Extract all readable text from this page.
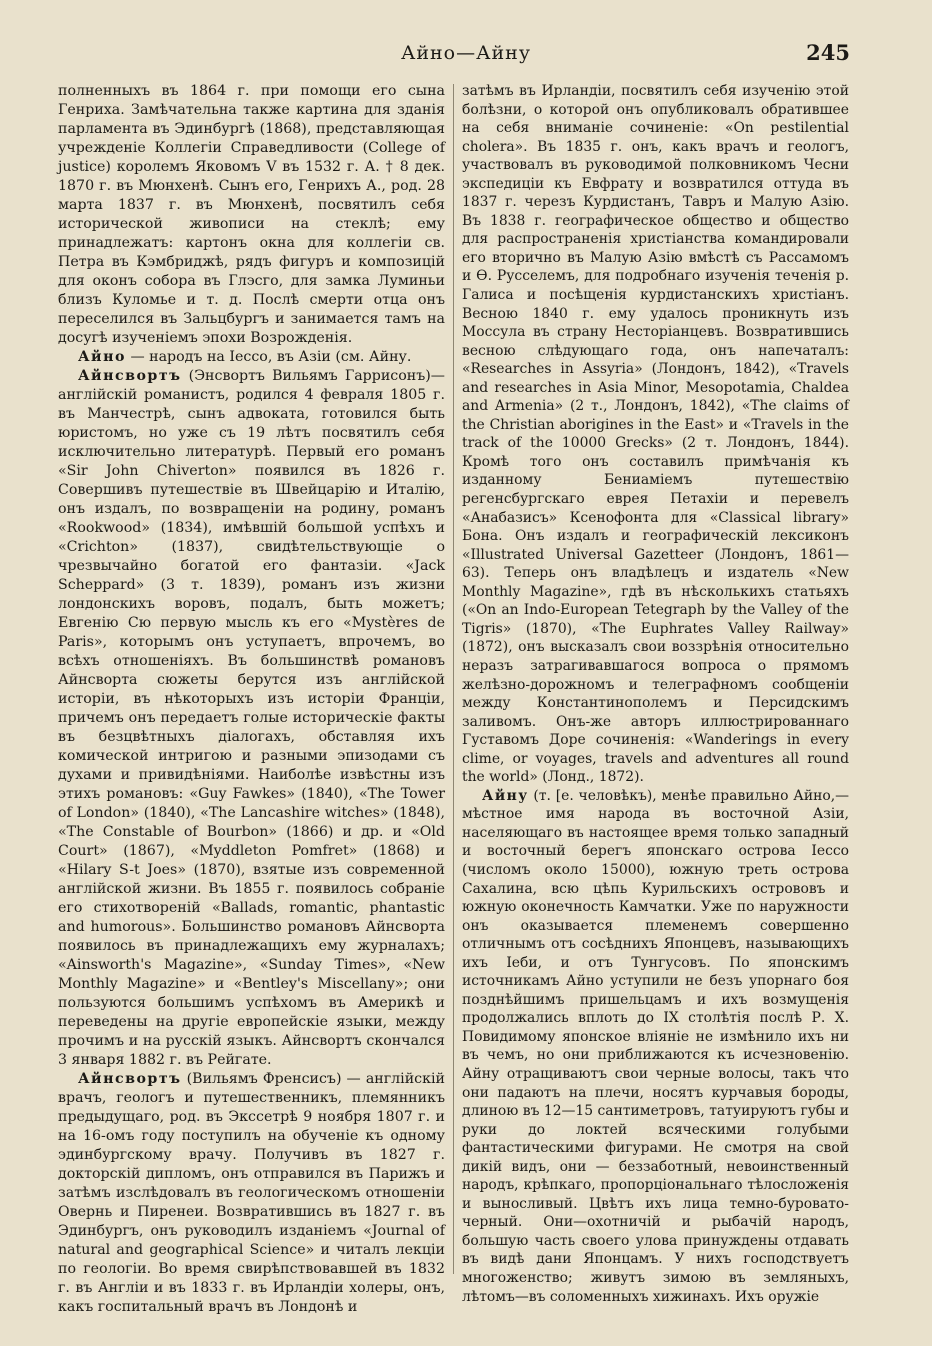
Айно—Айну	245

полненныхъ въ 1864 г. при помощи его сына Генриха. Замѣчательна также картина для зданія парламента въ Эдинбургѣ (1868), представляющая учрежденіе Коллегіи Справедливости (College of justice) королемъ Яковомъ V въ 1532 г. А. † 8 дек. 1870 г. въ Мюнхенѣ. Сынъ его, Генрихъ А., род. 28 марта 1837 г. въ Мюнхенѣ, посвятилъ себя исторической живописи на стеклѣ; ему принадлежатъ: картонъ окна для коллегіи св. Петра въ Кэмбриджѣ, рядъ фигуръ и композицій для оконъ собора въ Глэсго, для замка Луминьи близъ Куломье и т. д. Послѣ смерти отца онъ переселился въ Зальцбургъ и занимается тамъ на досугѣ изученіемъ эпохи Возрожденія.

Айно — народъ на Iессо, въ Азіи (см. Айну.

Айнсвортъ (Энсвортъ Вильямъ Гаррисонъ)—англійскій романистъ, родился 4 февраля 1805 г. въ Манчестрѣ, сынъ адвоката, готовился быть юристомъ, но уже съ 19 лѣтъ посвятилъ себя исключительно литературѣ. Первый его романъ «Sir John Chiverton» появился въ 1826 г. Совершивъ путешествіе въ Швейцарію и Италію, онъ издалъ, по возвращеніи на родину, романъ «Rookwood» (1834), имѣвшій большой успѣхъ и «Crichton» (1837), свидѣтельствующіе о чрезвычайно богатой его фантазіи. «Jack Scheppard» (3 т. 1839), романъ изъ жизни лондонскихъ воровъ, подалъ, быть можетъ; Евгенію Сю первую мысль къ его «Mystères de Paris», которымъ онъ уступаетъ, впрочемъ, во всѣхъ отношеніяхъ. Въ большинствѣ романовъ Айнсворта сюжеты берутся изъ англійской исторіи, въ нѣкоторыхъ изъ исторіи Франціи, причемъ онъ передаетъ голые историческіе факты въ безцвѣтныхъ діалогахъ, обставляя ихъ комической интригою и разными эпизодами съ духами и привидѣніями. Наиболѣе извѣстны изъ этихъ романовъ: «Guy Fawkes» (1840), «The Tower of London» (1840), «The Lancashire witches» (1848), «The Constable of Bourbon» (1866) и др. и «Old Court» (1867), «Myddleton Pomfret» (1868) и «Hilary S-t Joes» (1870), взятые изъ современной англійской жизни. Въ 1855 г. появилось собраніе его стихотвореній «Ballads, romantic, phantastic and humorous». Большинство романовъ Айнсворта появилось въ принадлежащихъ ему журналахъ; «Ainsworth's Magazine», «Sunday Times», «New Monthly Magazine» и «Bentley's Miscellany»; они пользуются большимъ успѣхомъ въ Америкѣ и переведены на другіе европейскіе языки, между прочимъ и на русскій языкъ. Айнсвортъ скончался 3 января 1882 г. въ Рейгате.

Айнсвортъ (Вильямъ Френсисъ) — англійскій врачъ, геологъ и путешественникъ, племянникъ предыдущаго, род. въ Экссетрѣ 9 ноября 1807 г. и на 16-омъ году поступилъ на обученіе къ одному эдинбургскому врачу. Получивъ въ 1827 г. докторскій дипломъ, онъ отправился въ Парижъ и затѣмъ изслѣдовалъ въ геологическомъ отношеніи Овернь и Пиренеи. Возвратившись въ 1827 г. въ Эдинбургъ, онъ руководилъ изданіемъ «Journal of natural and geographical Science» и читалъ лекціи по геологіи. Во время свирѣпствовавшей въ 1832 г. въ Англіи и въ 1833 г. въ Ирландіи холеры, онъ, какъ госпитальный врачъ въ Лондонѣ и

затѣмъ въ Ирландіи, посвятилъ себя изученію этой болѣзни, о которой онъ опубликовалъ обратившее на себя вниманіе сочиненіе: «On pestilential cholera». Въ 1835 г. онъ, какъ врачъ и геологъ, участвовалъ въ руководимой полковникомъ Чесни экспедиціи къ Евфрату и возвратился оттуда въ 1837 г. черезъ Курдистанъ, Тавръ и Малую Азію. Въ 1838 г. географическое общество и общество для распространенія христіанства командировали его вторично въ Малую Азію вмѣстѣ съ Рассамомъ и Ѳ. Русселемъ, для подробнаго изученія теченія р. Галиса и посѣщенія курдистанскихъ христіанъ. Весною 1840 г. ему удалось проникнуть изъ Моссула въ страну Несторіанцевъ. Возвратившись весною слѣдующаго года, онъ напечаталъ: «Researches in Assyria» (Лондонъ, 1842), «Travels and researches in Asia Minor, Mesopotamia, Chaldea and Armenia» (2 т., Лондонъ, 1842), «The claims of the Christian aborigines in the East» и «Travels in the track of the 10000 Grecks» (2 т. Лондонъ, 1844). Кромѣ того онъ составилъ примѣчанія къ изданному Бениаміемъ путешествію регенсбургскаго еврея Петахіи и перевелъ «Анабазисъ» Ксенофонта для «Classical library» Бона. Онъ издалъ и географическій лексиконъ «Illustrated Universal Gazetteer (Лондонъ, 1861—63). Теперь онъ владѣлецъ и издатель «New Monthly Magazine», гдѣ въ нѣсколькихъ статьяхъ («On an Indo-European Tetegraph by the Valley of the Tigris» (1870), «The Euphrates Valley Railway» (1872), онъ высказалъ свои воззрѣнія относительно неразъ затрагивавшагося вопроса о прямомъ желѣзно-дорожномъ и телеграфномъ сообщеніи между Константинополемъ и Персидскимъ заливомъ. Онъ-же авторъ иллюстрированнаго Густавомъ Доре сочиненія: «Wanderings in every clime, or voyages, travels and adventures all round the world» (Лонд., 1872).

Айну (т. [е. человѣкъ), менѣе правильно Айно,—мѣстное имя народа въ восточной Азіи, населяющаго въ настоящее время только западный и восточный берегъ японскаго острова Iессо (числомъ около 15000), южную треть острова Сахалина, всю цѣпь Курильскихъ острововъ и южную оконечность Камчатки. Уже по наружности онъ оказывается племенемъ совершенно отличнымъ отъ сосѣднихъ Японцевъ, называющихъ ихъ Iеби, и отъ Тунгусовъ. По японскимъ источникамъ Айно уступили не безъ упорнаго боя позднѣйшимъ пришельцамъ и ихъ возмущенія продолжались вплоть до IX столѣтія послѣ Р. Х. Повидимому японское вліяніе не измѣнило ихъ ни въ чемъ, но они приближаются къ исчезновенію. Айну отращиваютъ свои черные волосы, такъ что они падаютъ на плечи, носятъ курчавыя бороды, длиною въ 12—15 сантиметровъ, татуируютъ губы и руки до локтей всяческими голубыми фантастическими фигурами. Не смотря на свой дикій видъ, они — беззаботный, невоинственный народъ, крѣпкаго, пропорціональнаго тѣлосложенія и выносливый. Цвѣтъ ихъ лица темно-буровато-черный. Они—охотничій и рыбачій народъ, большую часть своего улова принуждены отдавать въ видѣ дани Японцамъ. У нихъ господствуетъ многоженство; живутъ зимою въ земляныхъ, лѣтомъ—въ соломенныхъ хижинахъ. Ихъ оружіе
